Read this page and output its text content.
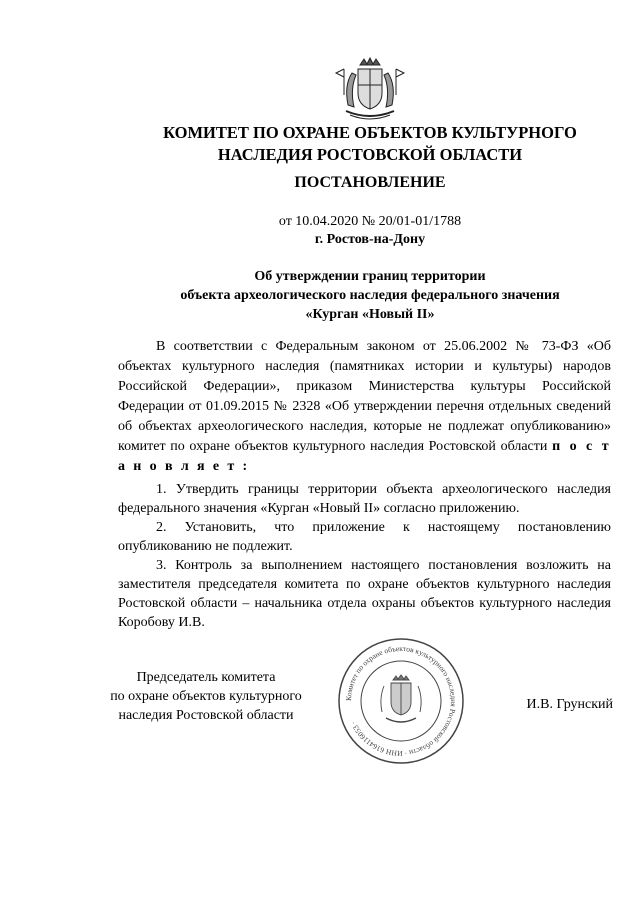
КОМИТЕТ ПО ОХРАНЕ ОБЪЕКТОВ КУЛЬТУРНОГО
НАСЛЕДИЯ РОСТОВСКОЙ ОБЛАСТИ
ПОСТАНОВЛЕНИЕ
от 10.04.2020 № 20/01-01/1788
г. Ростов-на-Дону
Об утверждении границ территории
объекта археологического наследия федерального значения
«Курган «Новый II»

В соответствии с Федеральным законом от 25.06.2002 № 73-ФЗ «Об объектах культурного наследия (памятниках истории и культуры) народов Российской Федерации», приказом Министерства культуры Российской Федерации от 01.09.2015 № 2328 «Об утверждении перечня отдельных сведений об объектах археологического наследия, которые не подлежат опубликованию» комитет по охране объектов культурного наследия Ростовской области п о с т а н о в л я е т :

1. Утвердить границы территории объекта археологического наследия федерального значения «Курган «Новый II» согласно приложению.

2. Установить, что приложение к настоящему постановлению опубликованию не подлежит.

3. Контроль за выполнением настоящего постановления возложить на заместителя председателя комитета по охране объектов культурного наследия Ростовской области – начальника отдела охраны объектов культурного наследия Коробову И.В.

Председатель комитета
по охране объектов культурного
наследия Ростовской области
Комитет по охране объектов культурного наследия Ростовской области · ИНН 6164116053 ·
И.В. Грунский
